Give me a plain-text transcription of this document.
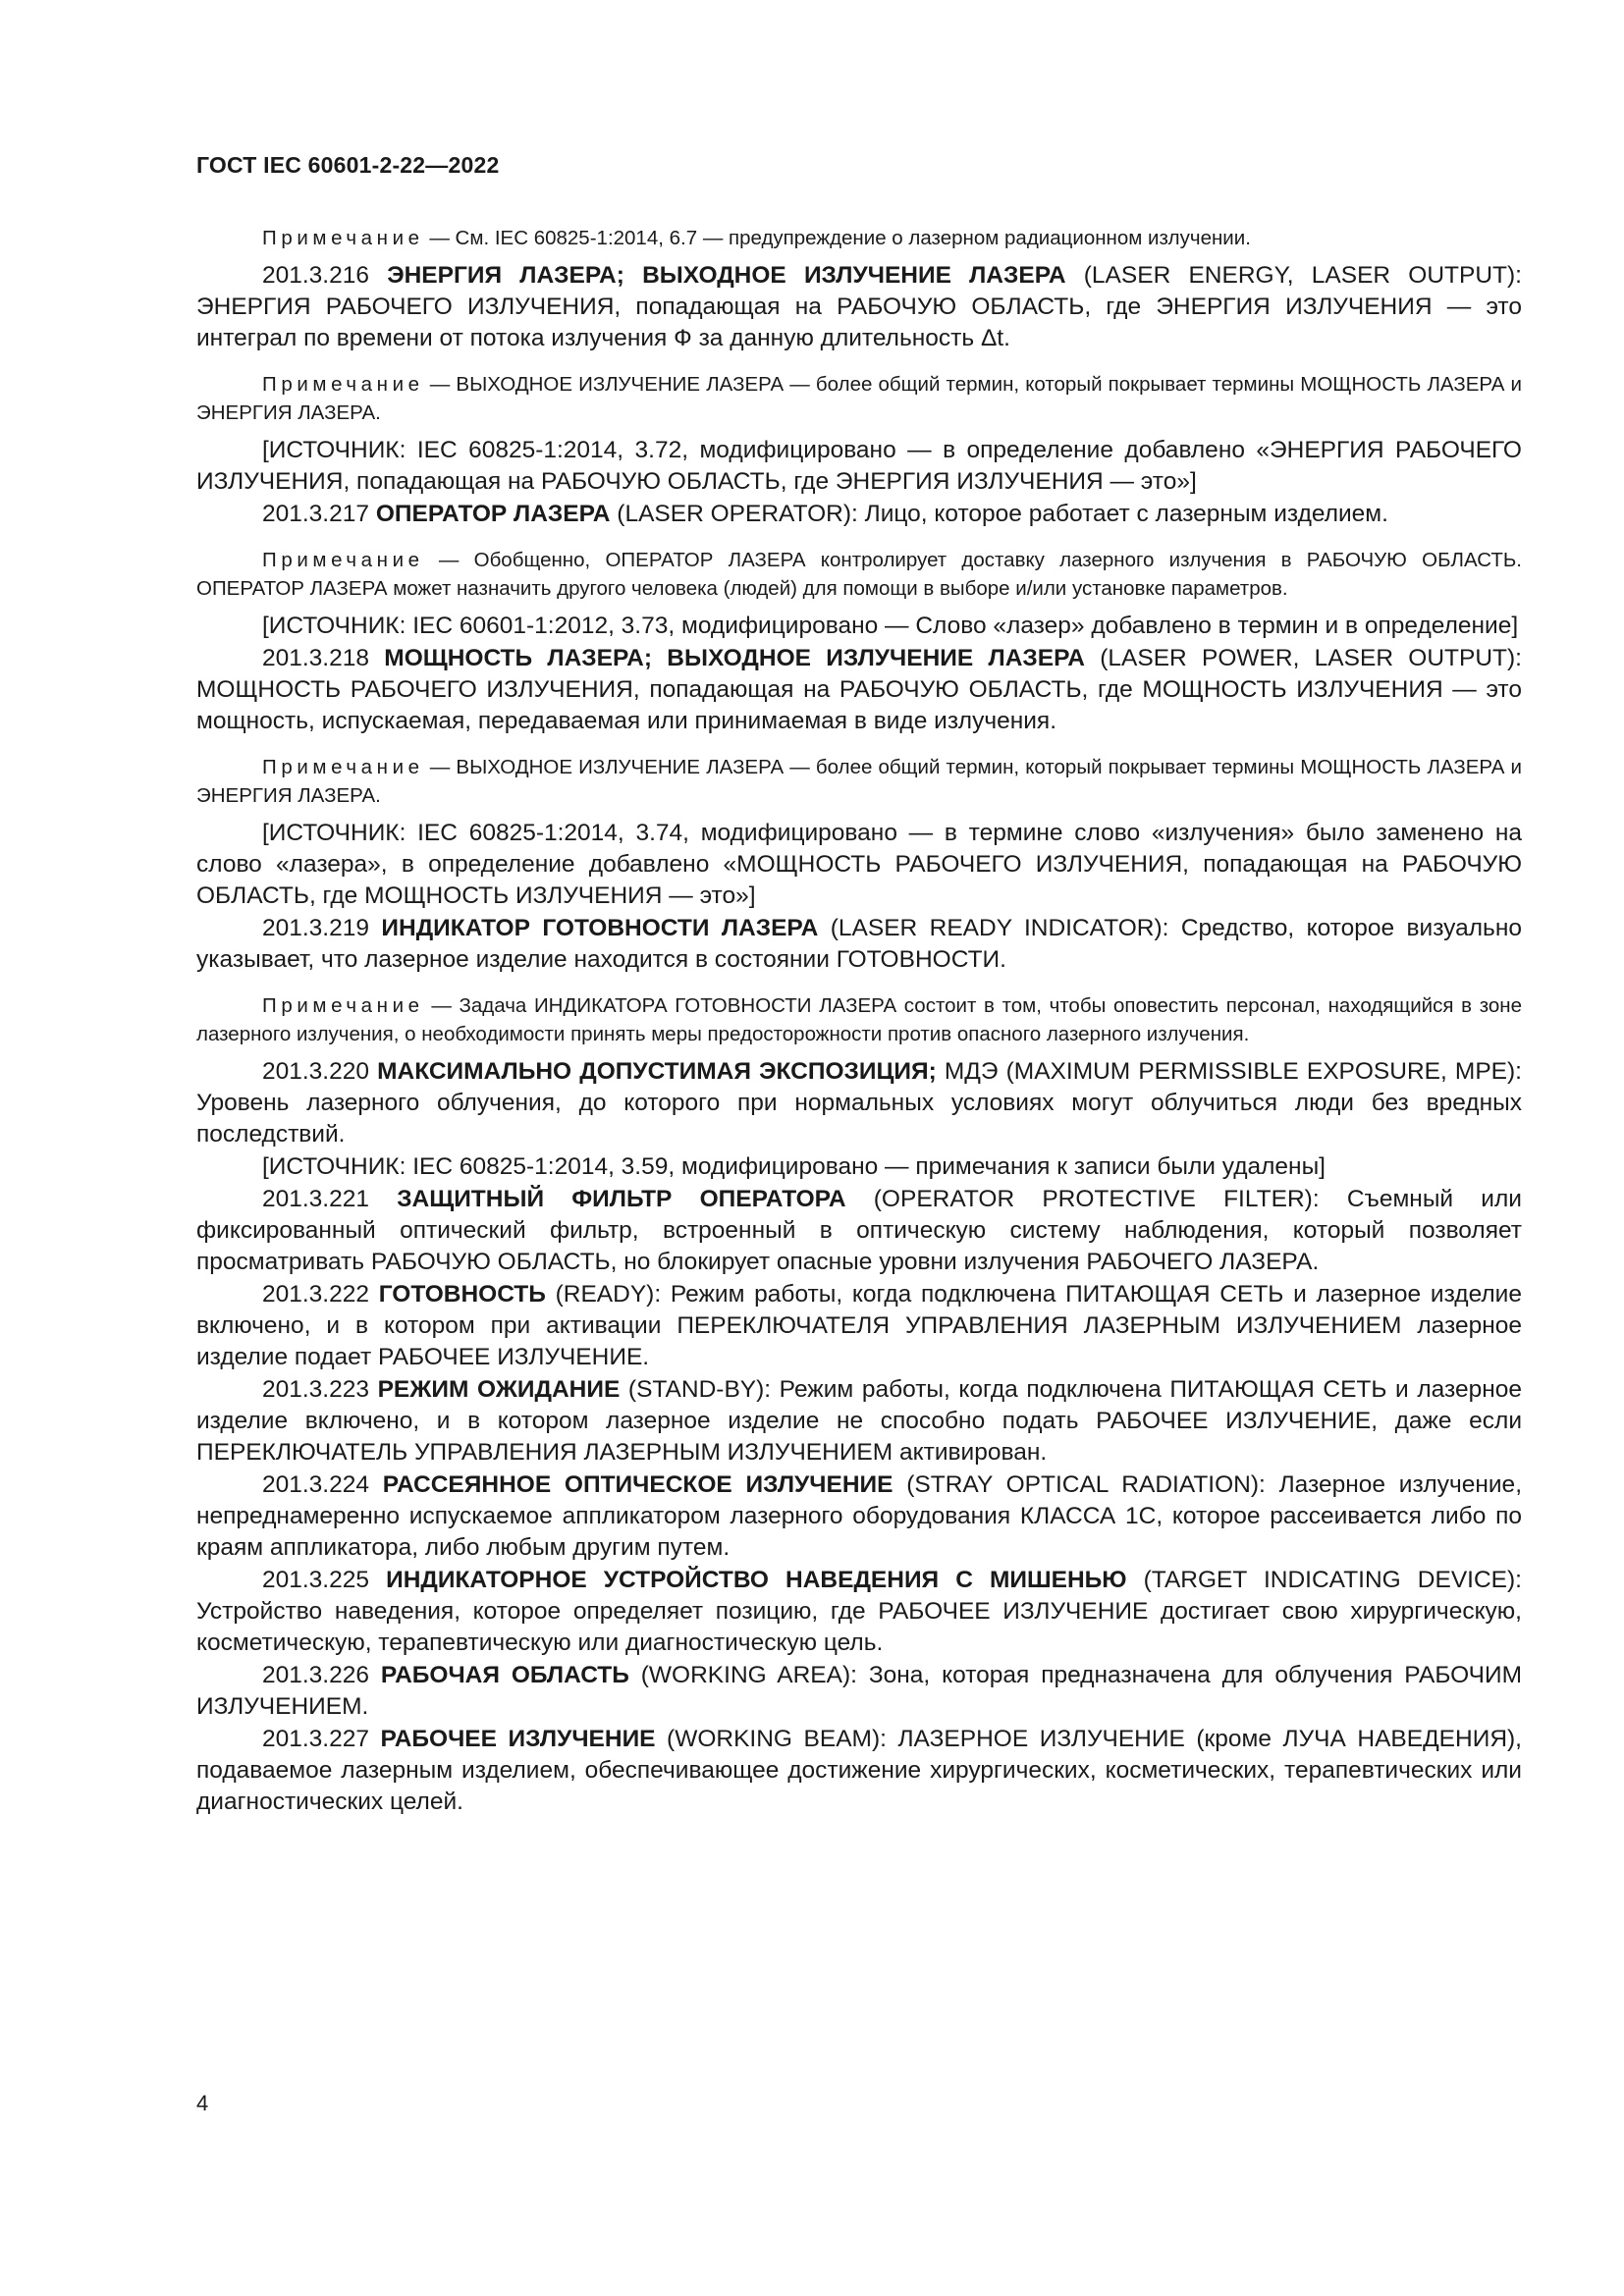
ГОСТ IEC 60601-2-22—2022

Примечание — См. IEC 60825-1:2014, 6.7 — предупреждение о лазерном радиационном излучении.

201.3.216 ЭНЕРГИЯ ЛАЗЕРА; ВЫХОДНОЕ ИЗЛУЧЕНИЕ ЛАЗЕРА (LASER ENERGY, LASER OUTPUT): ЭНЕРГИЯ РАБОЧЕГО ИЗЛУЧЕНИЯ, попадающая на РАБОЧУЮ ОБЛАСТЬ, где ЭНЕРГИЯ ИЗЛУЧЕНИЯ — это интеграл по времени от потока излучения Ф за данную длительность Δt.

Примечание — ВЫХОДНОЕ ИЗЛУЧЕНИЕ ЛАЗЕРА — более общий термин, который покрывает термины МОЩНОСТЬ ЛАЗЕРА и ЭНЕРГИЯ ЛАЗЕРА.

[ИСТОЧНИК: IEC 60825-1:2014, 3.72, модифицировано — в определение добавлено «ЭНЕРГИЯ РАБОЧЕГО ИЗЛУЧЕНИЯ, попадающая на РАБОЧУЮ ОБЛАСТЬ, где ЭНЕРГИЯ ИЗЛУЧЕНИЯ — это»]

201.3.217 ОПЕРАТОР ЛАЗЕРА (LASER OPERATOR): Лицо, которое работает с лазерным изделием.

Примечание — Обобщенно, ОПЕРАТОР ЛАЗЕРА контролирует доставку лазерного излучения в РАБОЧУЮ ОБЛАСТЬ. ОПЕРАТОР ЛАЗЕРА может назначить другого человека (людей) для помощи в выборе и/или установке параметров.

[ИСТОЧНИК: IEC 60601-1:2012, 3.73, модифицировано — Слово «лазер» добавлено в термин и в определение]

201.3.218 МОЩНОСТЬ ЛАЗЕРА; ВЫХОДНОЕ ИЗЛУЧЕНИЕ ЛАЗЕРА (LASER POWER, LASER OUTPUT): МОЩНОСТЬ РАБОЧЕГО ИЗЛУЧЕНИЯ, попадающая на РАБОЧУЮ ОБЛАСТЬ, где МОЩНОСТЬ ИЗЛУЧЕНИЯ — это мощность, испускаемая, передаваемая или принимаемая в виде излучения.

Примечание — ВЫХОДНОЕ ИЗЛУЧЕНИЕ ЛАЗЕРА — более общий термин, который покрывает термины МОЩНОСТЬ ЛАЗЕРА и ЭНЕРГИЯ ЛАЗЕРА.

[ИСТОЧНИК: IEC 60825-1:2014, 3.74, модифицировано — в термине слово «излучения» было заменено на слово «лазера», в определение добавлено «МОЩНОСТЬ РАБОЧЕГО ИЗЛУЧЕНИЯ, попадающая на РАБОЧУЮ ОБЛАСТЬ, где МОЩНОСТЬ ИЗЛУЧЕНИЯ — это»]

201.3.219 ИНДИКАТОР ГОТОВНОСТИ ЛАЗЕРА (LASER READY INDICATOR): Средство, которое визуально указывает, что лазерное изделие находится в состоянии ГОТОВНОСТИ.

Примечание — Задача ИНДИКАТОРА ГОТОВНОСТИ ЛАЗЕРА состоит в том, чтобы оповестить персонал, находящийся в зоне лазерного излучения, о необходимости принять меры предосторожности против опасного лазерного излучения.

201.3.220 МАКСИМАЛЬНО ДОПУСТИМАЯ ЭКСПОЗИЦИЯ; МДЭ (MAXIMUM PERMISSIBLE EXPOSURE, MPE): Уровень лазерного облучения, до которого при нормальных условиях могут облучиться люди без вредных последствий.

[ИСТОЧНИК: IEC 60825-1:2014, 3.59, модифицировано — примечания к записи были удалены]

201.3.221 ЗАЩИТНЫЙ ФИЛЬТР ОПЕРАТОРА (OPERATOR PROTECTIVE FILTER): Съемный или фиксированный оптический фильтр, встроенный в оптическую систему наблюдения, который позволяет просматривать РАБОЧУЮ ОБЛАСТЬ, но блокирует опасные уровни излучения РАБОЧЕГО ЛАЗЕРА.

201.3.222 ГОТОВНОСТЬ (READY): Режим работы, когда подключена ПИТАЮЩАЯ СЕТЬ и лазерное изделие включено, и в котором при активации ПЕРЕКЛЮЧАТЕЛЯ УПРАВЛЕНИЯ ЛАЗЕРНЫМ ИЗЛУЧЕНИЕМ лазерное изделие подает РАБОЧЕЕ ИЗЛУЧЕНИЕ.

201.3.223 РЕЖИМ ОЖИДАНИЕ (STAND-BY): Режим работы, когда подключена ПИТАЮЩАЯ СЕТЬ и лазерное изделие включено, и в котором лазерное изделие не способно подать РАБОЧЕЕ ИЗЛУЧЕНИЕ, даже если ПЕРЕКЛЮЧАТЕЛЬ УПРАВЛЕНИЯ ЛАЗЕРНЫМ ИЗЛУЧЕНИЕМ активирован.

201.3.224 РАССЕЯННОЕ ОПТИЧЕСКОЕ ИЗЛУЧЕНИЕ (STRAY OPTICAL RADIATION): Лазерное излучение, непреднамеренно испускаемое аппликатором лазерного оборудования КЛАССА 1С, которое рассеивается либо по краям аппликатора, либо любым другим путем.

201.3.225 ИНДИКАТОРНОЕ УСТРОЙСТВО НАВЕДЕНИЯ С МИШЕНЬЮ (TARGET INDICATING DEVICE): Устройство наведения, которое определяет позицию, где РАБОЧЕЕ ИЗЛУЧЕНИЕ достигает свою хирургическую, косметическую, терапевтическую или диагностическую цель.

201.3.226 РАБОЧАЯ ОБЛАСТЬ (WORKING AREA): Зона, которая предназначена для облучения РАБОЧИМ ИЗЛУЧЕНИЕМ.

201.3.227 РАБОЧЕЕ ИЗЛУЧЕНИЕ (WORKING BEAM): ЛАЗЕРНОЕ ИЗЛУЧЕНИЕ (кроме ЛУЧА НАВЕДЕНИЯ), подаваемое лазерным изделием, обеспечивающее достижение хирургических, косметических, терапевтических или диагностических целей.

4
